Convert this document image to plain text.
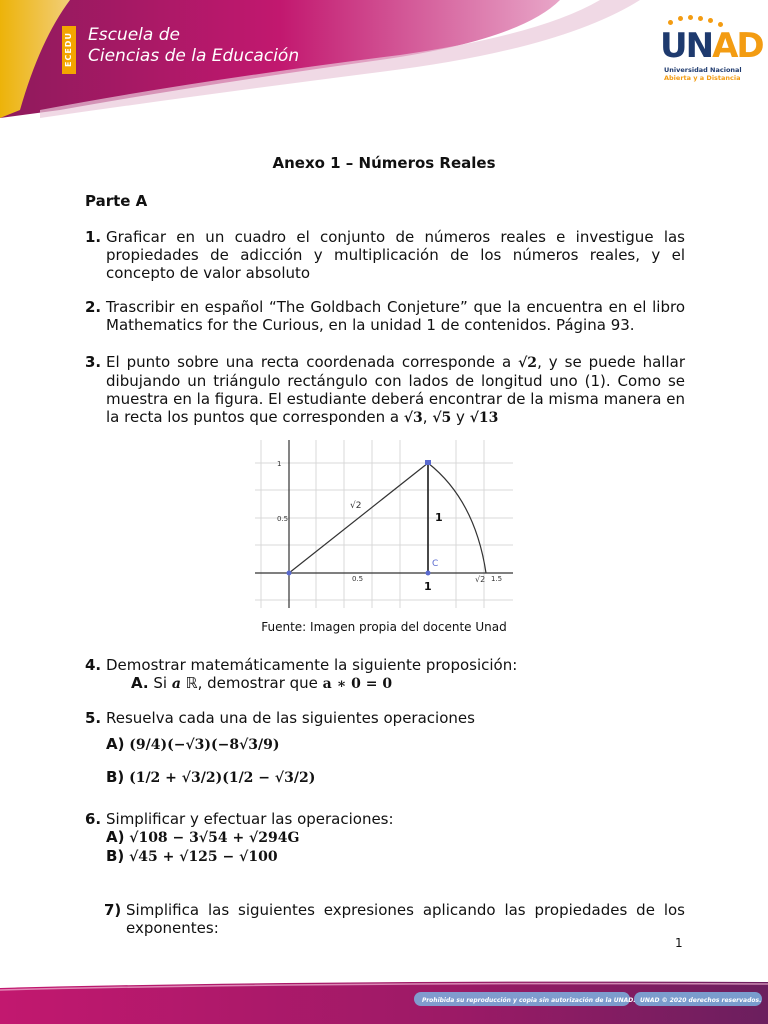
ECEDU Escuela de
Ciencias de la Educación	UNAD
Universidad Nacional
Abierta y a Distancia
Anexo 1 – Números Reales
Parte A
1. Graficar en un cuadro el conjunto de números reales e investigue las propiedades de adicción y multiplicación de los números reales, y el concepto de valor absoluto
2. Trascribir en español “The Goldbach Conjeture” que la encuentra en el libro Mathematics for the Curious, en la unidad 1 de contenidos. Página 93.
3. El punto sobre una recta coordenada corresponde a √2, y se puede hallar dibujando un triángulo rectángulo con lados de longitud uno (1). Como se muestra en la figura. El estudiante deberá encontrar de la misma manera en la recta los puntos que corresponden a √3, √5 y √13
1
0.5
0.5	1.5
√2
1
1
C
√2
Fuente: Imagen propia del docente Unad
4. Demostrar matemáticamente la siguiente proposición:
A. Si a ℝ, demostrar que a ∗ 0 = 0
5. Resuelva cada una de las siguientes operaciones
A) (9/4)(−√3)(−8√3/9)
B) (1/2 + √3/2)(1/2 − √3/2)
6. Simplificar y efectuar las operaciones:
A) √108 − 3√54 + √294G
B) √45 + √125 − √100
7) Simplifica las siguientes expresiones aplicando las propiedades de los exponentes:
1
Prohibida su reproducción y copia sin autorización de la UNAD. UNAD © 2020 derechos reservados.
